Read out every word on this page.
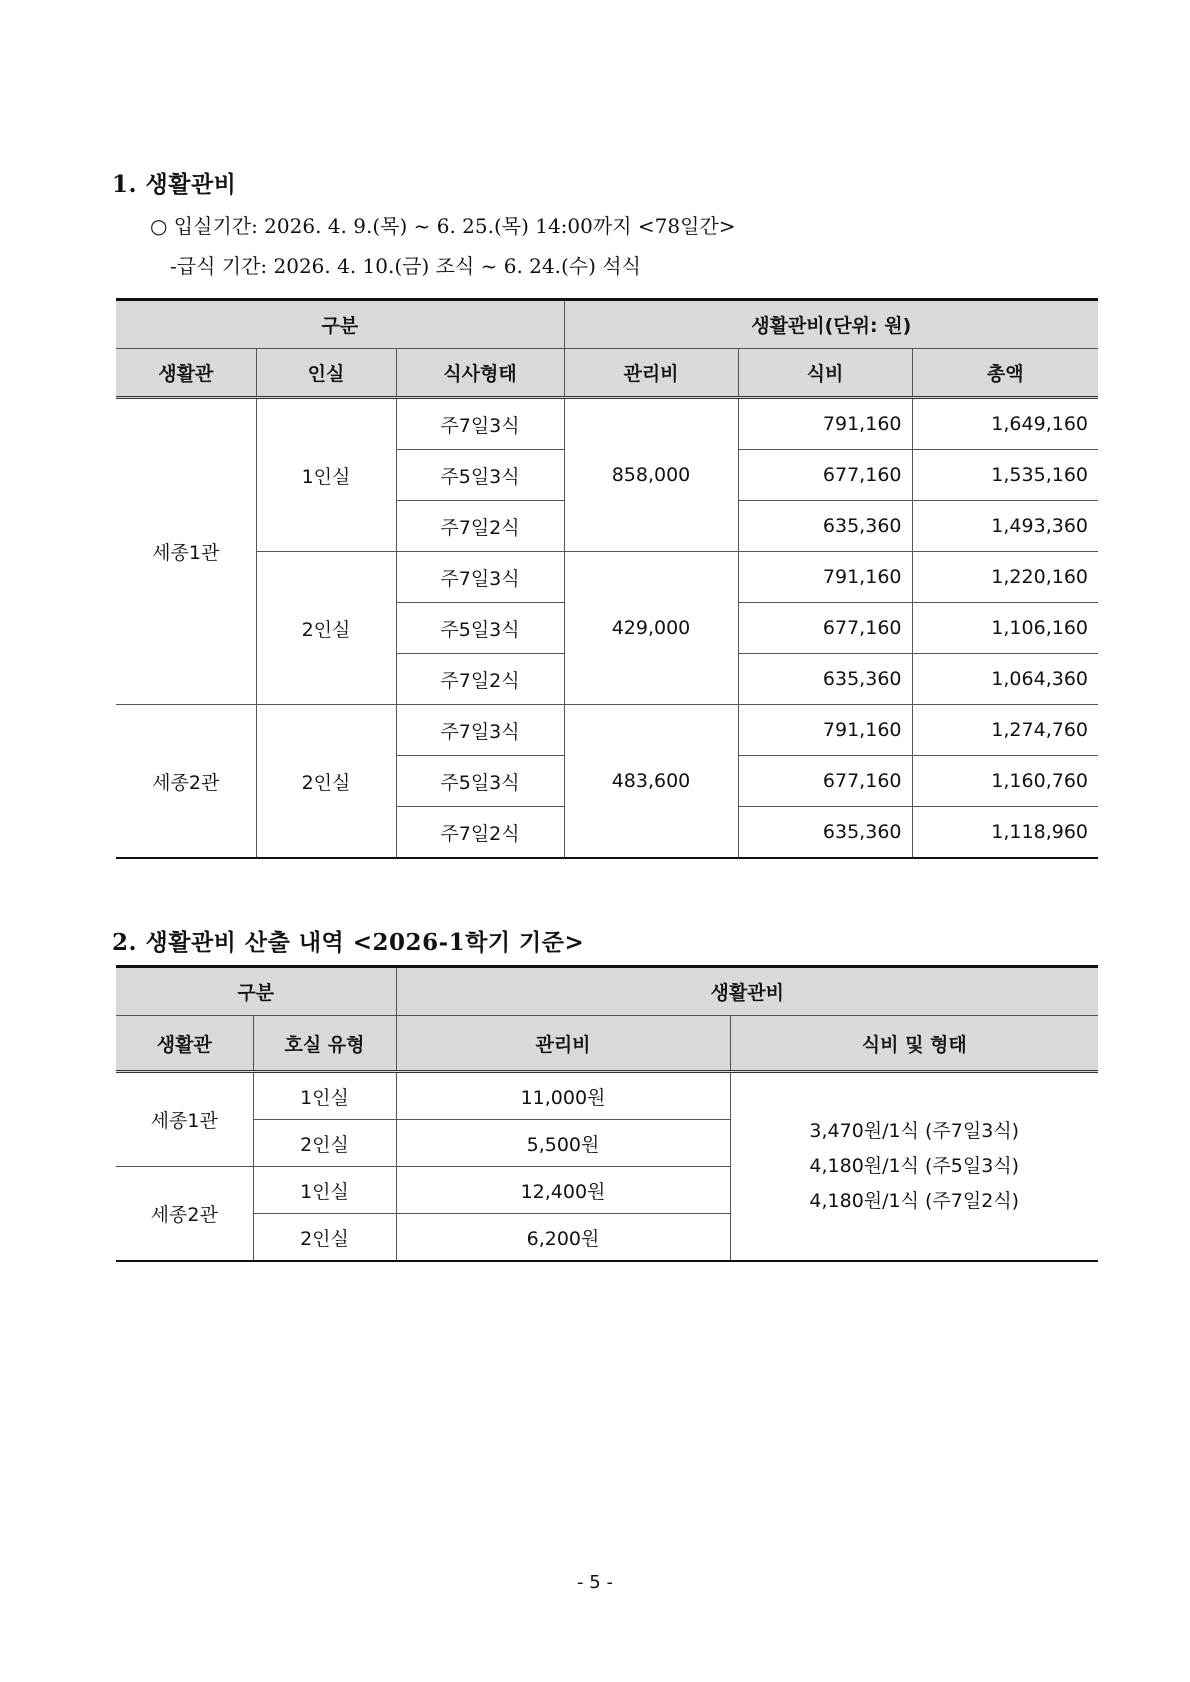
1. 생활관비
○ 입실기간: 2026. 4. 9.(목) ~ 6. 25.(목) 14:00까지 <78일간>
-급식 기간: 2026. 4. 10.(금) 조식 ~ 6. 24.(수) 석식
구분			생활관비(단위: 원)		
생활관	인실	식사형태	관리비	식비	총액
세종1관	1인실	주7일3식	858,000	791,160	1,649,160
		주5일3식		677,160	1,535,160
		주7일2식		635,360	1,493,360
	2인실	주7일3식	429,000	791,160	1,220,160
		주5일3식		677,160	1,106,160
		주7일2식		635,360	1,064,360
세종2관	2인실	주7일3식	483,600	791,160	1,274,760
		주5일3식		677,160	1,160,760
		주7일2식		635,360	1,118,960
2. 생활관비 산출 내역 <2026-1학기 기준>
구분		생활관비	
생활관	호실 유형	관리비	식비 및 형태
세종1관	1인실	11,000원	3,470원/1식 (주7일3식)
4,180원/1식 (주5일3식)
4,180원/1식 (주7일2식)

	2인실	5,500원	
세종2관	1인실	12,400원	
	2인실	6,200원	
- 5 -
